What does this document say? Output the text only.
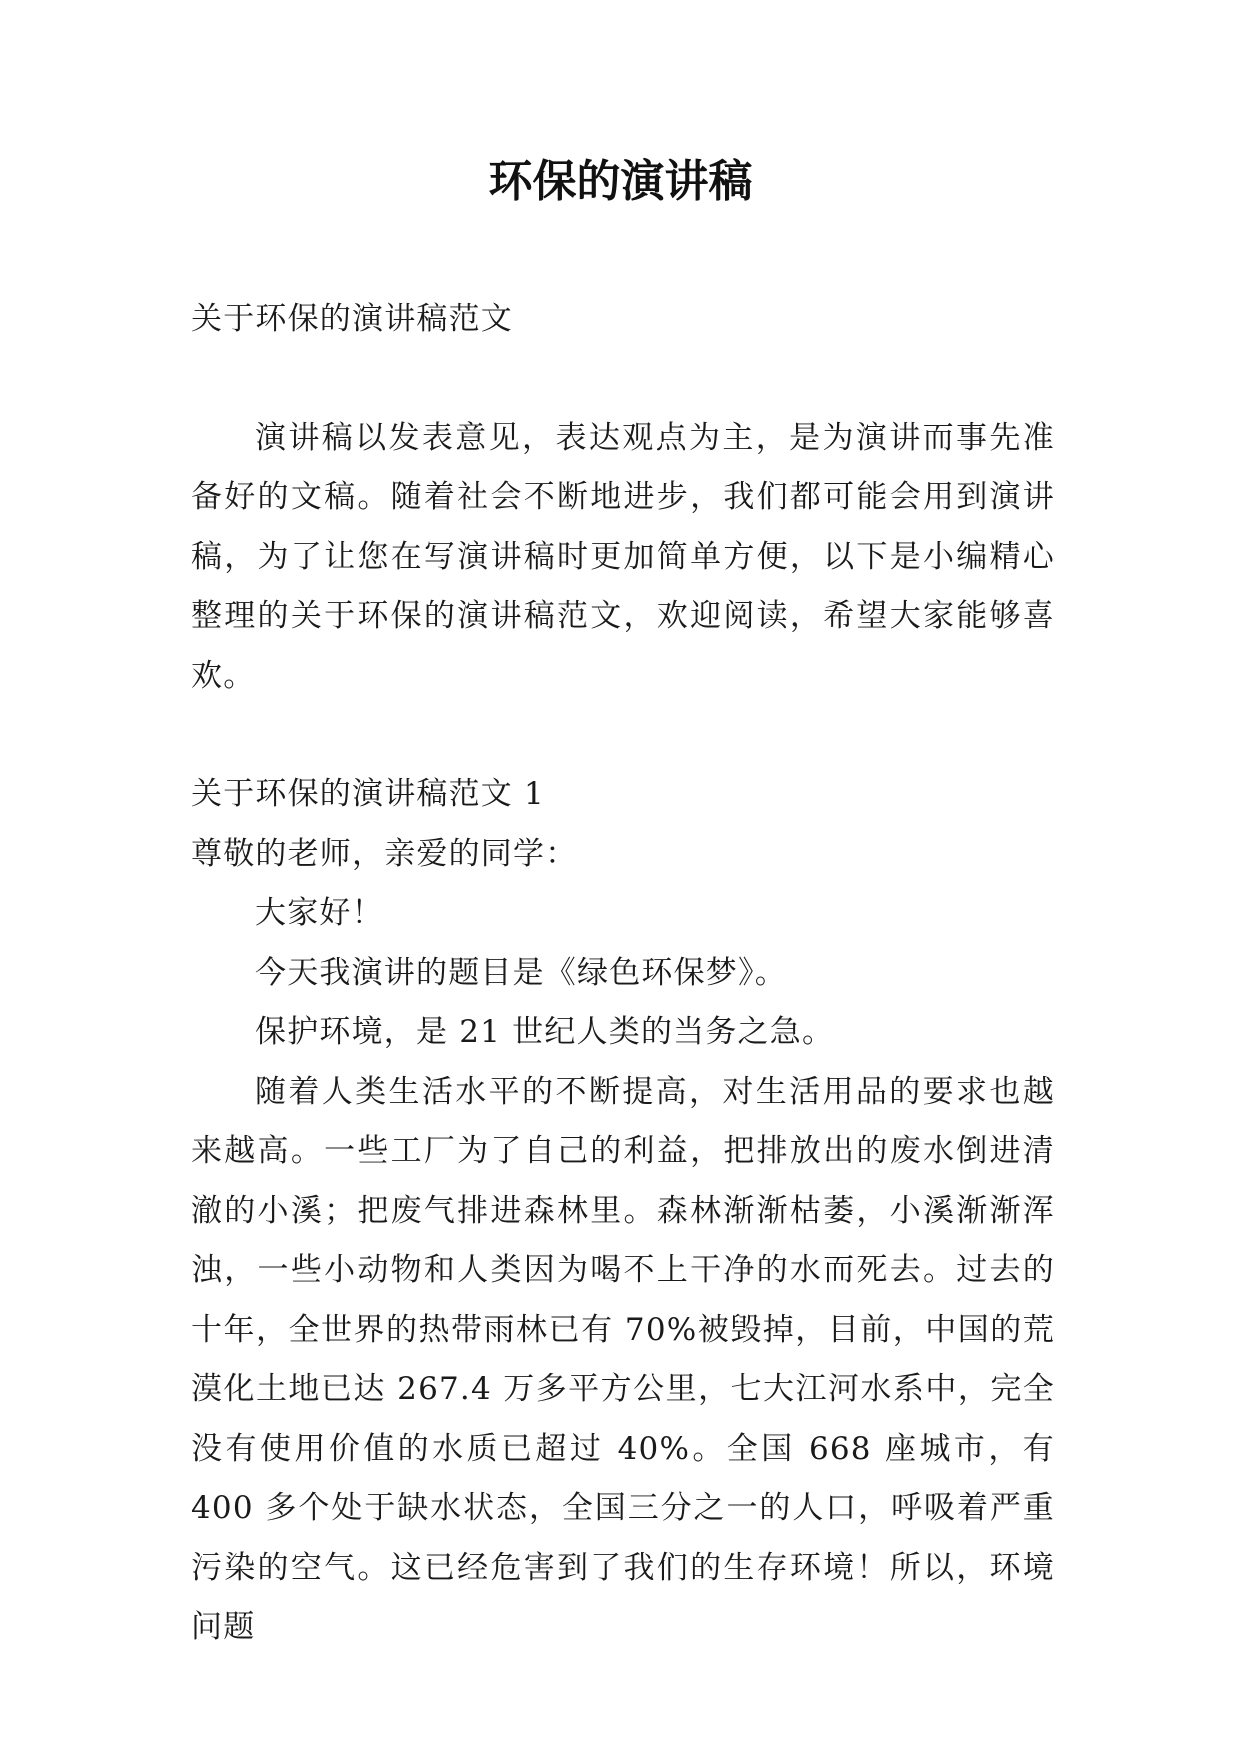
环保的演讲稿

关于环保的演讲稿范文

演讲稿以发表意见，表达观点为主，是为演讲而事先准备好的文稿。随着社会不断地进步，我们都可能会用到演讲稿，为了让您在写演讲稿时更加简单方便，以下是小编精心整理的关于环保的演讲稿范文，欢迎阅读，希望大家能够喜欢。

关于环保的演讲稿范文 1

尊敬的老师，亲爱的同学：

大家好！

今天我演讲的题目是《绿色环保梦》。

保护环境，是 21 世纪人类的当务之急。

随着人类生活水平的不断提高，对生活用品的要求也越来越高。一些工厂为了自己的利益，把排放出的废水倒进清澈的小溪；把废气排进森林里。森林渐渐枯萎，小溪渐渐浑浊，一些小动物和人类因为喝不上干净的水而死去。过去的十年，全世界的热带雨林已有 70%被毁掉，目前，中国的荒漠化土地已达 267.4 万多平方公里，七大江河水系中，完全没有使用价值的水质已超过 40%。全国 668 座城市，有 400 多个处于缺水状态，全国三分之一的人口，呼吸着严重污染的空气。这已经危害到了我们的生存环境！所以，环境问题
